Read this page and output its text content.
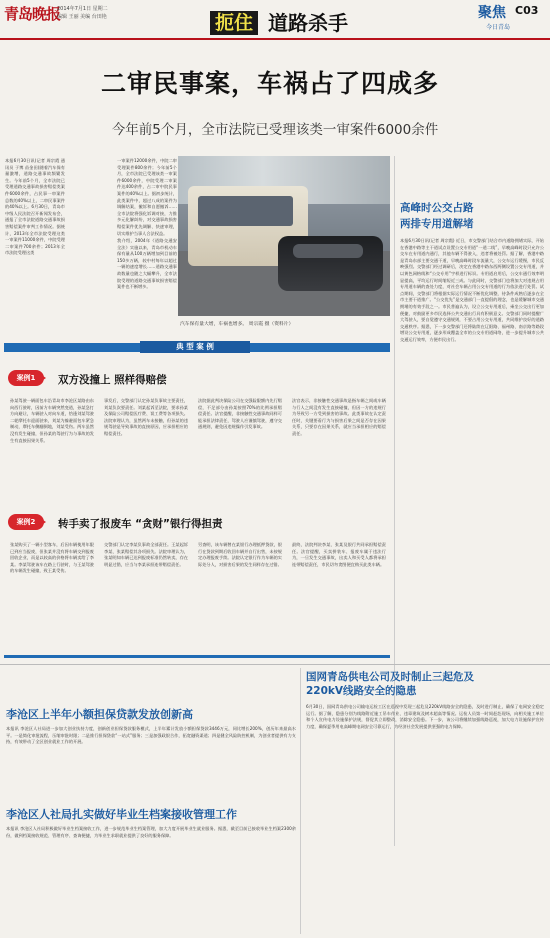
青岛晚报
2014年7月1日 星期二
编辑 王丽 美编 台田艳	扼住 道路杀手	聚焦 C03
今日青岛
二审民事案，车祸占了四成多
今年前5个月，全市法院已受理该类一审案件6000余件
本报6月30日讯(记者 周宗霞 通讯员 于博 苗金田)随着汽车保有量激增，道路交通事故频繁发生。今年前5个月，全市法院已受理道路交通事故损害赔偿类案件6000余件，占民事一审案件总数的40%以上，二审民事案件的40%以上。6月30日，青岛市中级人民法院召开新闻发布会，通报了全市法院道路交通事故损害赔偿案件审判工作情况。据统计，2013年全市法院受理这类一审案件11000余件，中院受理二审案件700余件；2013年全市法院受理这类
一审案件12000余件，中院二审受理案件800余件；今年前5个月，全市法院已受理该类一审案件6000余件，中院受理二审案件达400余件，占二审中院民事案件的40%以上。据初步统计，此类案件中，超过八成的案件为调解结案，撤诉和自愿撤诉……全市法院将强化诉调对接，力推多元化解纠纷，对交通事故损害赔偿案件优先调解、快速审理，切实维护当事人合法权益。
我介绍，2004年《道路交通安全法》实施以来，青岛市机动车保有量从100万辆增加到目前的150多万辆，较中村每年以超过一辆的速度增长……道路交通事故数量也随之大幅攀升，全市法院受理的道路交通事故损害赔偿案件也不断增多。
汽车保有量大增，车祸也增多。 周宗霞 摄（资料片）
高峰时公交占路
两排专用道解堵
本报6月30日讯(记者 周宗霞) 近日，市交警部门结合市内道路拥堵实际，开始在香港中路等主干道试点设置公交专用道“一道二线”，早晚高峰时段只允许公交车在专用道内通行，其他车辆不得驶入，违者将被处罚。据了解，香港中路是青岛东部主要交通干道，早晚高峰时段车流量大，公交车运行缓慢，市民反映强烈。交警部门经过调研后，决定在香港中路东西两侧设置公交专用道，并以黄色网格线和“公交专用”字样进行标识。专用道启用后，公交车通行效率明显提高，平均运行时间缩短近三成。与此同时，交警部门也将加大对违规占用专用道车辆的查处力度，对社会车辆占用公交专用道的行为依法进行处罚。试点期间，交警部门将根据实际运行情况不断优化调整，待条件成熟后逐步在全市主要干道推广。“公交优先”是交通部门一直提倡的理念，也是缓解城市交通拥堵的有效手段之一。市民普遍认为，设立公交专用道后，乘坐公交出行更加便捷，对鼓励更多市民选择公共交通出行具有积极意义。交警部门同时提醒广大驾驶人，要自觉遵守交通规则，不要占用公交专用道，共同维护良好的道路交通秩序。据悉，下一步交警部门还将陆续在辽阳路、福州路、南京路等路段增设公交专用道，逐步形成覆盖全市的公交专用道网络，进一步提升城市公共交通运行效率，方便市民出行。
典 型 案 例
案例1	双方没撞上 照样得赔偿
孙某驾驶一辆面包车沿青岛市李沧区某路由东向西行驶时，因前方车辆突然变道，孙某急打方向避让，车辆驶入对向车道，恰逢刘某驾驶二轮摩托车迎面驶来，刘某为躲避面包车紧急制动，摩托车侧翻倒地，刘某受伤。两车虽然没有发生碰撞，但孙某的驾驶行为与事故的发生有直接因果关系。
事发后，交警部门认定孙某负事故主要责任，刘某负次要责任。刘某起诉至法院，要求孙某及保险公司赔偿医疗费、误工费等各项损失。法院审理认为，虽然两车未接触，但孙某的违规驾驶是导致事故的直接原因，应承担相应的赔偿责任。
法院据此判决保险公司在交强险限额内先行赔偿，不足部分由孙某按照70%的比例承担赔偿责任。法官提醒，非接触性交通事故同样可能承担法律责任，驾驶人应谨慎驾驶，遵守交通规则，避免因违规操作引发事故。
法官表示，非接触性交通事故是指车辆之间或车辆与行人之间没有发生直接碰撞，但因一方的违规行为导致另一方受到损害的事故。此类事故在认定责任时，关键要看行为与损害后果之间是否存在因果关系，只要存在因果关系，就应当承担相应的赔偿责任。
案例2	转手卖了报废车 “贪财”银行得担责
张某购买了一辆小型客车，后因车辆使用年限已到应当报废，但张某并没有将车辆交到报废回收企业，而是以较高的价格将车辆卖给了李某。李某驾驶该车在路上行驶时，与王某驾驶的车辆发生碰撞，致王某受伤。
交警部门认定李某负事故全部责任。王某起诉李某、张某赔偿其各项损失。法院审理认为，张某明知车辆已达到报废标准仍然转卖，存在明显过错，应当与李某承担连带赔偿责任。
另查明，该车辆曾在某银行办理抵押贷款，银行在贷款到期后收回车辆并自行出售，未按规定办理报废手续。法院认定银行作为车辆的实际处分人，对损害后果的发生同样存在过错。
最终，法院判决李某、张某及银行共同承担赔偿责任。法官提醒，买卖拼装车、报废车属于违法行为，一旦发生交通事故，出卖人和买受人都将承担连带赔偿责任，市民切勿贪图便宜购买此类车辆。
李沧区上半年小额担保贷款发放创新高
本报讯 李沧区人社局进一步加大创业扶持力度，创新创业担保贷款服务模式，上半年累计发放小额担保贷款3446万元，同比增长200%，创历年来最高水平。一是简化审批流程，压缩审批时限；二是推行担保贷款“一站式”服务；三是加强政银合作，拓宽融资渠道；四是健全风险防控机制，为创业者提供有力支持，有效带动了全区创业就业工作的开展。
李沧区人社局扎实做好毕业生档案接收管理工作
本报讯 李沧区人社局积极做好毕业生档案接收工作，进一步规范毕业生档案管理，加大力度开展毕业生就业服务。据悉，截至目前已接收毕业生档案2300余份，做到档案接收规范、管理有序、查询便捷，为毕业生求职就业提供了良好的服务保障。
国网青岛供电公司及时制止三起危及220kV线路安全的隐患
6月30日，国网青岛供电公司输电运检工区在巡视中发现三起危及220kV线路安全的隐患，及时进行制止，确保了电网安全稳定运行。据了解，隐患分别为线路附近施工吊车作业、违章建筑及树木超高等情况。运检人员第一时间赶赴现场，向相关施工单位和个人宣传电力设施保护法规，督促其立即整改，消除安全隐患。下一步，该公司将继续加强线路巡视，加大电力设施保护宣传力度，确保夏季用电高峰期电网安全可靠运行，为经济社会发展提供坚强的电力保障。
